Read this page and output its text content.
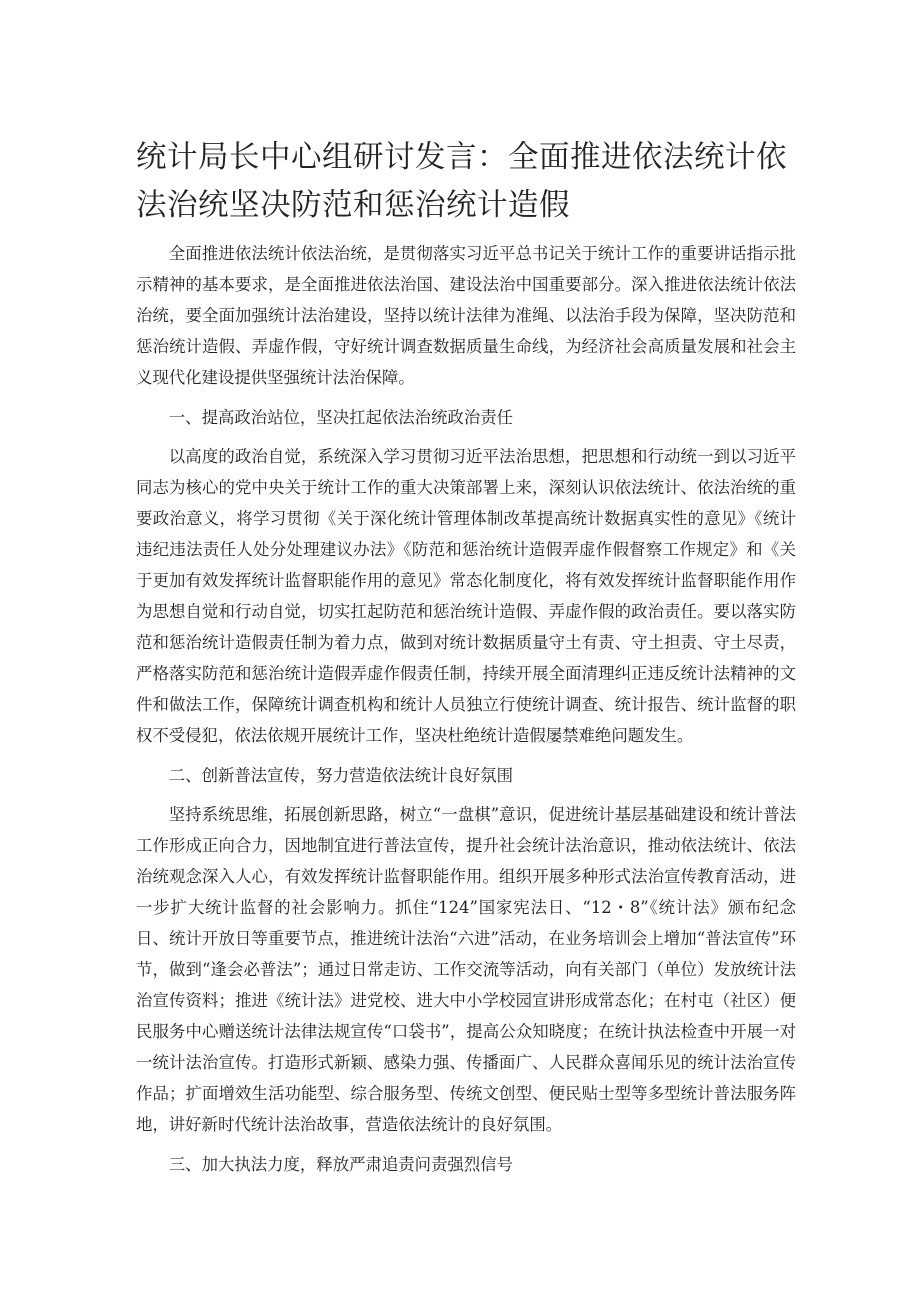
统计局长中心组研讨发言：全面推进依法统计依法治统坚决防范和惩治统计造假

全面推进依法统计依法治统，是贯彻落实习近平总书记关于统计工作的重要讲话指示批示精神的基本要求，是全面推进依法治国、建设法治中国重要部分。深入推进依法统计依法治统，要全面加强统计法治建设，坚持以统计法律为准绳、以法治手段为保障，坚决防范和惩治统计造假、弄虚作假，守好统计调查数据质量生命线，为经济社会高质量发展和社会主义现代化建设提供坚强统计法治保障。

一、提高政治站位，坚决扛起依法治统政治责任

以高度的政治自觉，系统深入学习贯彻习近平法治思想，把思想和行动统一到以习近平同志为核心的党中央关于统计工作的重大决策部署上来，深刻认识依法统计、依法治统的重要政治意义，将学习贯彻《关于深化统计管理体制改革提高统计数据真实性的意见》《统计违纪违法责任人处分处理建议办法》《防范和惩治统计造假弄虚作假督察工作规定》和《关于更加有效发挥统计监督职能作用的意见》常态化制度化，将有效发挥统计监督职能作用作为思想自觉和行动自觉，切实扛起防范和惩治统计造假、弄虚作假的政治责任。要以落实防范和惩治统计造假责任制为着力点，做到对统计数据质量守土有责、守土担责、守土尽责，严格落实防范和惩治统计造假弄虚作假责任制，持续开展全面清理纠正违反统计法精神的文件和做法工作，保障统计调查机构和统计人员独立行使统计调查、统计报告、统计监督的职权不受侵犯，依法依规开展统计工作，坚决杜绝统计造假屡禁难绝问题发生。

二、创新普法宣传，努力营造依法统计良好氛围

坚持系统思维，拓展创新思路，树立“一盘棋”意识，促进统计基层基础建设和统计普法工作形成正向合力，因地制宜进行普法宣传，提升社会统计法治意识，推动依法统计、依法治统观念深入人心，有效发挥统计监督职能作用。组织开展多种形式法治宣传教育活动，进一步扩大统计监督的社会影响力。抓住“124”国家宪法日、“12・8”《统计法》颁布纪念日、统计开放日等重要节点，推进统计法治“六进”活动，在业务培训会上增加“普法宣传”环节，做到“逢会必普法”；通过日常走访、工作交流等活动，向有关部门（单位）发放统计法治宣传资料；推进《统计法》进党校、进大中小学校园宣讲形成常态化；在村屯（社区）便民服务中心赠送统计法律法规宣传“口袋书”，提高公众知晓度；在统计执法检查中开展一对一统计法治宣传。打造形式新颖、感染力强、传播面广、人民群众喜闻乐见的统计法治宣传作品；扩面增效生活功能型、综合服务型、传统文创型、便民贴士型等多型统计普法服务阵地，讲好新时代统计法治故事，营造依法统计的良好氛围。

三、加大执法力度，释放严肃追责问责强烈信号
